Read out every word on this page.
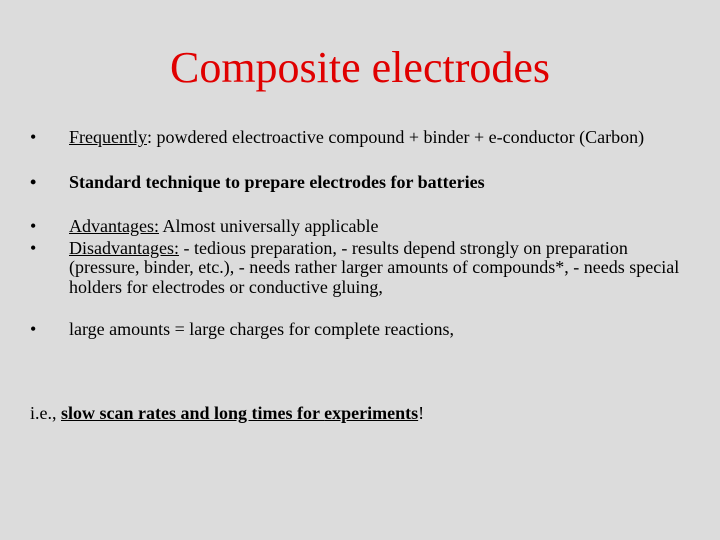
Composite electrodes
•	Frequently: powdered electroactive compound + binder + e-conductor (Carbon)
•	Standard technique to prepare electrodes for batteries
•	Advantages: Almost universally applicable
•	Disadvantages: - tedious preparation, - results depend strongly on preparation (pressure, binder, etc.), - needs rather larger amounts of compounds*, - needs special holders for electrodes or conductive gluing,
•	large amounts = large charges for complete reactions,
i.e., slow scan rates and long times for experiments!
